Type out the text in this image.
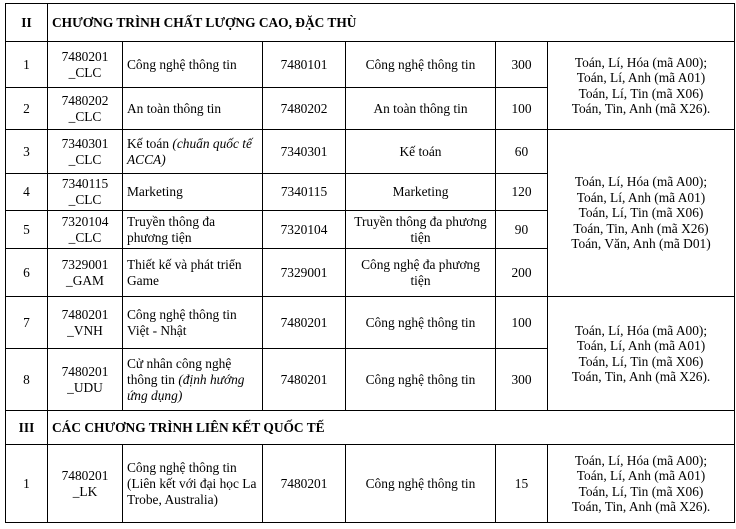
II	CHƯƠNG TRÌNH CHẤT LƯỢNG CAO, ĐẶC THÙ					
1	7480201
_CLC	Công nghệ thông tin	7480101	Công nghệ thông tin	300	Toán, Lí, Hóa (mã A00);
Toán, Lí, Anh (mã A01)
Toán, Lí, Tin (mã X06)
Toán, Tin, Anh (mã X26).

2	7480202
_CLC	An toàn thông tin	7480202	An toàn thông tin	100	
3	7340301
_CLC	Kế toán (chuẩn quốc tế ACCA)	7340301	Kế toán	60	Toán, Lí, Hóa (mã A00);
Toán, Lí, Anh (mã A01)
Toán, Lí, Tin (mã X06)
Toán, Tin, Anh (mã X26)
Toán, Văn, Anh (mã D01)

4	7340115
_CLC	Marketing	7340115	Marketing	120	
5	7320104
_CLC	Truyền thông đa phương tiện	7320104	Truyền thông đa phương tiện	90	
6	7329001
_GAM	Thiết kế và phát triển Game	7329001	Công nghệ đa phương tiện	200	
7	7480201
_VNH	Công nghệ thông tin Việt - Nhật	7480201	Công nghệ thông tin	100	Toán, Lí, Hóa (mã A00);
Toán, Lí, Anh (mã A01)
Toán, Lí, Tin (mã X06)
Toán, Tin, Anh (mã X26).

8	7480201
_UDU	Cử nhân công nghệ thông tin (định hướng ứng dụng)	7480201	Công nghệ thông tin	300	
III	CÁC CHƯƠNG TRÌNH LIÊN KẾT QUỐC TẾ					
1	7480201
_LK	Công nghệ thông tin (Liên kết với đại học La Trobe, Australia)	7480201	Công nghệ thông tin	15	Toán, Lí, Hóa (mã A00);
Toán, Lí, Anh (mã A01)
Toán, Lí, Tin (mã X06)
Toán, Tin, Anh (mã X26).
